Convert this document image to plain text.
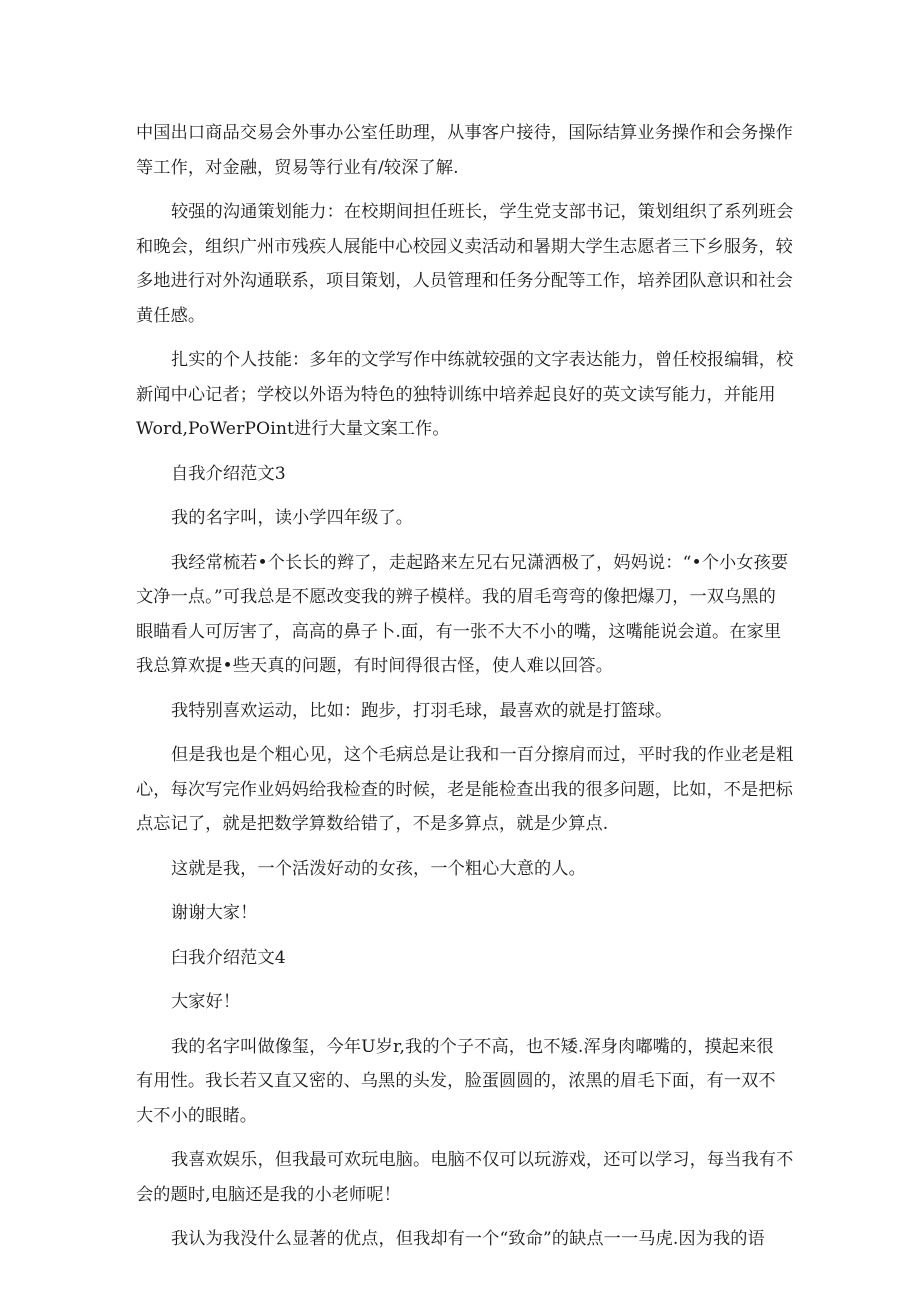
中国出口商品交易会外事办公室任助理，从事客户接待，国际结算业务操作和会务操作
等工作，对金融，贸易等行业有/较深了解.

较强的沟通策划能力：在校期间担任班长，学生党支部书记，策划组织了系列班会
和晚会，组织广州市残疾人展能中心校园义卖活动和暑期大学生志愿者三下乡服务，较
多地进行对外沟通联系，项目策划，人员管理和任务分配等工作，培养团队意识和社会
黄任感。

扎实的个人技能：多年的文学写作中练就较强的文字表达能力，曾任校报编辑，校
新闻中心记者；学校以外语为特色的独特训练中培养起良好的英文读写能力，并能用
Word,PoWerPOint进行大量文案工作。

自我介绍范文3

我的名字叫，读小学四年级了。

我经常梳若•个长长的辫了，走起路来左兄右兄潇洒极了，妈妈说：“•个小女孩要
文净一点。”可我总是不愿改变我的辨子模样。我的眉毛弯弯的像把爆刀，一双乌黑的
眼瞄看人可厉害了，高高的鼻子卜.面，有一张不大不小的嘴，这嘴能说会道。在家里
我总算欢提•些天真的问题，有时间得很古怪，使人难以回答。

我特别喜欢运动，比如：跑步，打羽毛球，最喜欢的就是打篮球。

但是我也是个粗心见，这个毛病总是让我和一百分擦肩而过，平时我的作业老是粗
心，每次写完作业妈妈给我检查的时候，老是能检查出我的很多问题，比如，不是把标
点忘记了，就是把数学算数给错了，不是多算点，就是少算点.

这就是我，一个活泼好动的女孩，一个粗心大意的人。

谢谢大家！

臼我介绍范文4

大家好！

我的名字叫做像玺，今年U岁r,我的个子不高，也不矮.浑身肉嘟嘴的，摸起来很
有用性。我长若又直又密的、乌黑的头发，脸蛋圆圆的，浓黑的眉毛下面，有一双不
大不小的眼睹。

我喜欢娱乐，但我最可欢玩电脑。电脑不仅可以玩游戏，还可以学习，每当我有不
会的题时,电脑还是我的小老师呢！

我认为我没什么显著的优点，但我却有一个“致命”的缺点一一马虎.因为我的语
